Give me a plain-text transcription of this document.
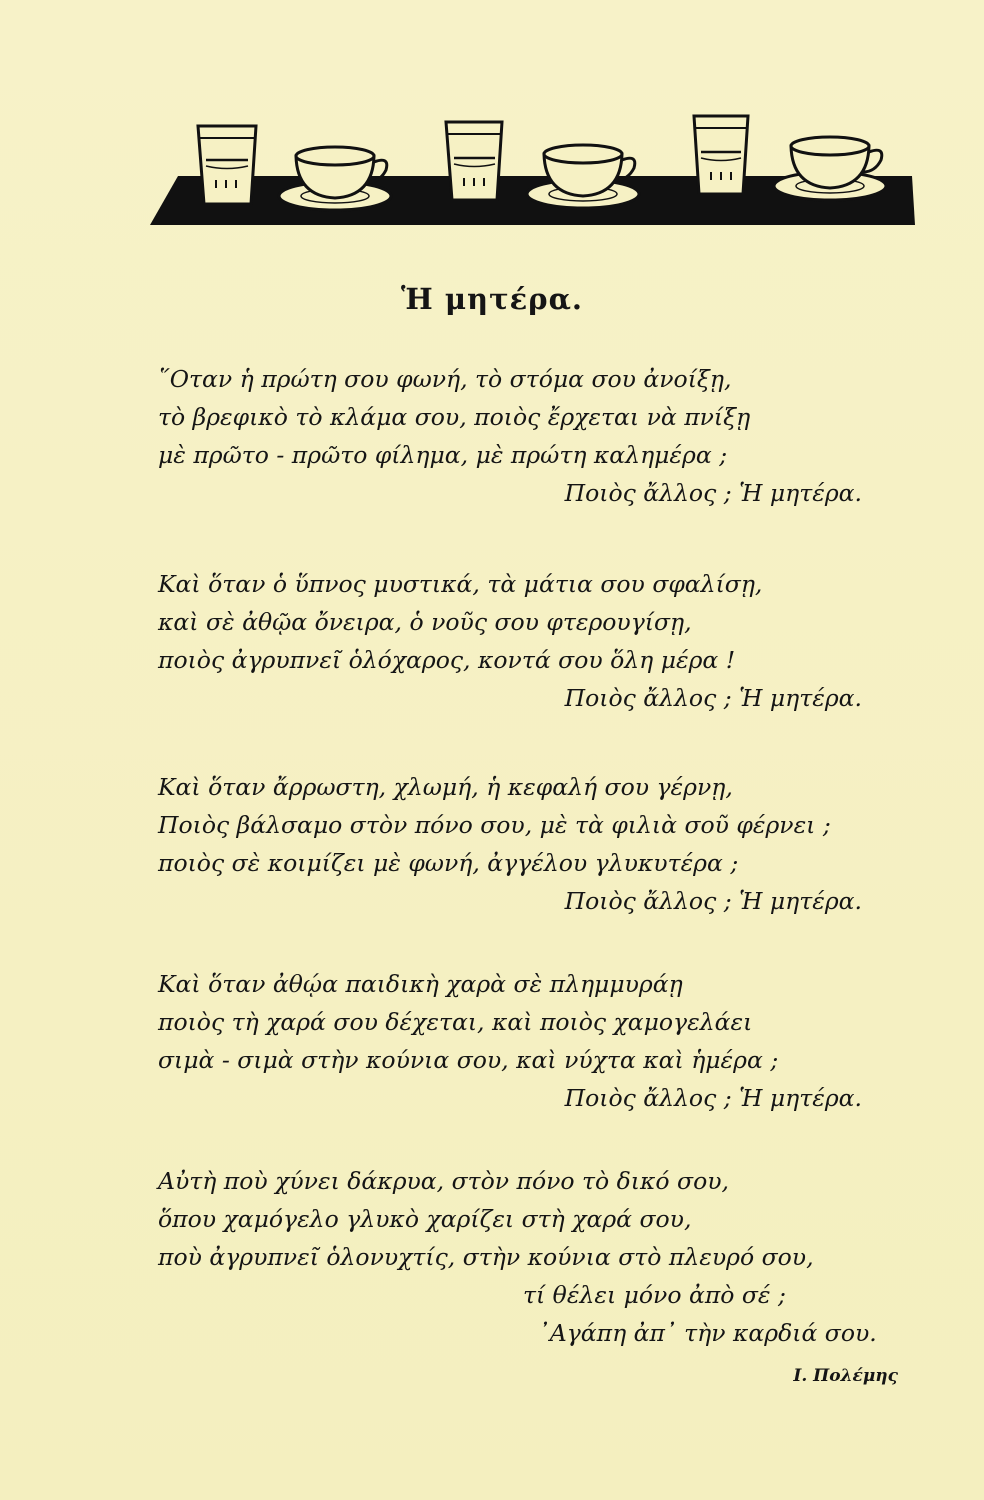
Ἡ μητέρα.
῞Οταν ἡ πρώτη σου φωνή, τὸ στόμα σου ἀνοίξῃ,
τὸ βρεφικὸ τὸ κλάμα σου, ποιὸς ἔρχεται νὰ πνίξῃ
μὲ πρῶτο - πρῶτο φίλημα, μὲ πρώτη καλημέρα ;
Ποιὸς ἄλλος ; Ἡ μητέρα.
Καὶ ὅταν ὁ ὕπνος μυστικά, τὰ μάτια σου σφαλίσῃ,
καὶ σὲ ἀθῷα ὄνειρα, ὁ νοῦς σου φτερουγίσῃ,
ποιὸς ἀγρυπνεῖ ὁλόχαρος, κοντά σου ὅλη μέρα !
Ποιὸς ἄλλος ; Ἡ μητέρα.
Καὶ ὅταν ἄρρωστη, χλωμή, ἡ κεφαλή σου γέρνῃ,
Ποιὸς βάλσαμο στὸν πόνο σου, μὲ τὰ φιλιὰ σοῦ φέρνει ;
ποιὸς σὲ κοιμίζει μὲ φωνή, ἀγγέλου γλυκυτέρα ;
Ποιὸς ἄλλος ; Ἡ μητέρα.
Καὶ ὅταν ἀθῴα παιδικὴ χαρὰ σὲ πλημμυράῃ
ποιὸς τὴ χαρά σου δέχεται, καὶ ποιὸς χαμογελάει
σιμὰ - σιμὰ στὴν κούνια σου, καὶ νύχτα καὶ ἡμέρα ;
Ποιὸς ἄλλος ; Ἡ μητέρα.
Αὐτὴ ποὺ χύνει δάκρυα, στὸν πόνο τὸ δικό σου,
ὅπου χαμόγελο γλυκὸ χαρίζει στὴ χαρά σου,
ποὺ ἀγρυπνεῖ ὁλονυχτίς, στὴν κούνια στὸ πλευρό σου,
τί θέλει μόνο ἀπὸ σέ ;
᾿Αγάπη ἀπ᾿ τὴν καρδιά σου.
Ι. Πολέμης
